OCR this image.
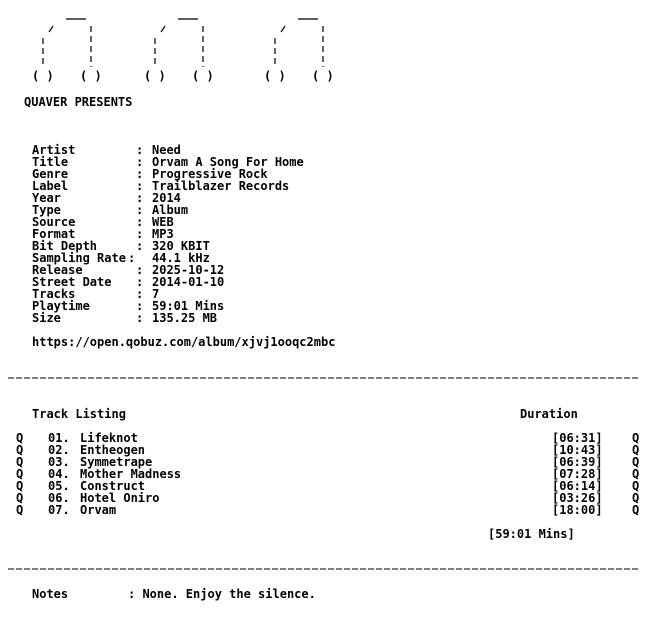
( ) ( )	( ) ( )	( ) ( )
QUAVER PRESENTS
Artist	: Need
Title	: Orvam A Song For Home
Genre	: Progressive Rock
Label	: Trailblazer Records
Year	: 2014
Type	: Album
Source	: WEB
Format	: MP3
Bit Depth	: 320 KBIT
Sampling Rate : 44.1 kHz
Release	: 2025-10-12
Street Date : 2014-01-10
Tracks	: 7
Playtime	: 59:01 Mins
Size	: 135.25 MB
https://open.qobuz.com/album/xjvj1ooqc2mbc
Track Listing	Duration
Q 01. Lifeknot	[06:31] Q
Q 02. Entheogen	[10:43] Q
Q 03. Symmetrape	[06:39] Q
Q 04. Mother Madness	[07:28] Q
Q 05. Construct	[06:14] Q
Q 06. Hotel Oniro	[03:26] Q
Q 07. Orvam	[18:00] Q
[59:01 Mins]
Notes	: None. Enjoy the silence.
